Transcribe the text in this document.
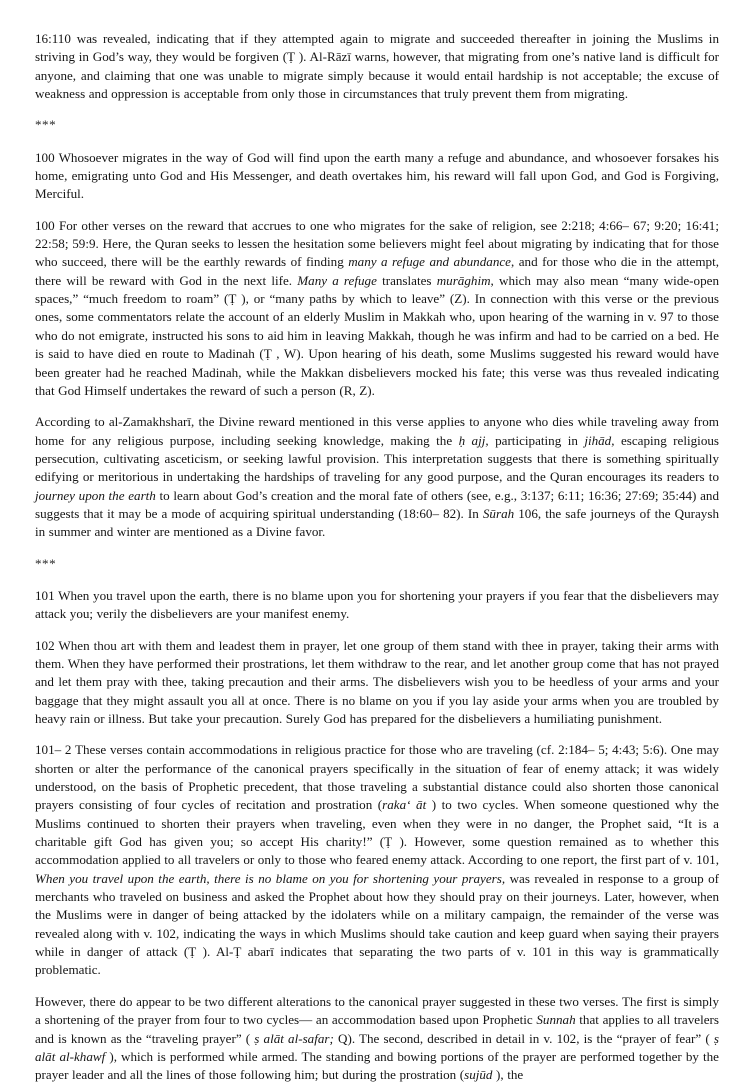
16:110 was revealed, indicating that if they attempted again to migrate and succeeded thereafter in joining the Muslims in striving in God’s way, they would be forgiven (Ṭ ). Al-Rāzī warns, however, that migrating from one’s native land is difficult for anyone, and claiming that one was unable to migrate simply because it would entail hardship is not acceptable; the excuse of weakness and oppression is acceptable from only those in circumstances that truly prevent them from migrating.

***

100 Whosoever migrates in the way of God will find upon the earth many a refuge and abundance, and whosoever forsakes his home, emigrating unto God and His Messenger, and death overtakes him, his reward will fall upon God, and God is Forgiving, Merciful.

100 For other verses on the reward that accrues to one who migrates for the sake of religion, see 2:218; 4:66– 67; 9:20; 16:41; 22:58; 59:9. Here, the Quran seeks to lessen the hesitation some believers might feel about migrating by indicating that for those who succeed, there will be the earthly rewards of finding many a refuge and abundance, and for those who die in the attempt, there will be reward with God in the next life. Many a refuge translates murāghim, which may also mean “many wide-open spaces,” “much freedom to roam” (Ṭ ), or “many paths by which to leave” (Z). In connection with this verse or the previous ones, some commentators relate the account of an elderly Muslim in Makkah who, upon hearing of the warning in v. 97 to those who do not emigrate, instructed his sons to aid him in leaving Makkah, though he was infirm and had to be carried on a bed. He is said to have died en route to Madinah (Ṭ , W). Upon hearing of his death, some Muslims suggested his reward would have been greater had he reached Madinah, while the Makkan disbelievers mocked his fate; this verse was thus revealed indicating that God Himself undertakes the reward of such a person (R, Z).

According to al-Zamakhsharī, the Divine reward mentioned in this verse applies to anyone who dies while traveling away from home for any religious purpose, including seeking knowledge, making the ḥ ajj, participating in jihād, escaping religious persecution, cultivating asceticism, or seeking lawful provision. This interpretation suggests that there is something spiritually edifying or meritorious in undertaking the hardships of traveling for any good purpose, and the Quran encourages its readers to journey upon the earth to learn about God’s creation and the moral fate of others (see, e.g., 3:137; 6:11; 16:36; 27:69; 35:44) and suggests that it may be a mode of acquiring spiritual understanding (18:60– 82). In Sūrah 106, the safe journeys of the Quraysh in summer and winter are mentioned as a Divine favor.

***

101 When you travel upon the earth, there is no blame upon you for shortening your prayers if you fear that the disbelievers may attack you; verily the disbelievers are your manifest enemy.

102 When thou art with them and leadest them in prayer, let one group of them stand with thee in prayer, taking their arms with them. When they have performed their prostrations, let them withdraw to the rear, and let another group come that has not prayed and let them pray with thee, taking precaution and their arms. The disbelievers wish you to be heedless of your arms and your baggage that they might assault you all at once. There is no blame on you if you lay aside your arms when you are troubled by heavy rain or illness. But take your precaution. Surely God has prepared for the disbelievers a humiliating punishment.

101– 2 These verses contain accommodations in religious practice for those who are traveling (cf. 2:184– 5; 4:43; 5:6). One may shorten or alter the performance of the canonical prayers specifically in the situation of fear of enemy attack; it was widely understood, on the basis of Prophetic precedent, that those traveling a substantial distance could also shorten those canonical prayers consisting of four cycles of recitation and prostration (rakaʻ āt ) to two cycles. When someone questioned why the Muslims continued to shorten their prayers when traveling, even when they were in no danger, the Prophet said, “It is a charitable gift God has given you; so accept His charity!” (Ṭ ). However, some question remained as to whether this accommodation applied to all travelers or only to those who feared enemy attack. According to one report, the first part of v. 101, When you travel upon the earth, there is no blame on you for shortening your prayers, was revealed in response to a group of merchants who traveled on business and asked the Prophet about how they should pray on their journeys. Later, however, when the Muslims were in danger of being attacked by the idolaters while on a military campaign, the remainder of the verse was revealed along with v. 102, indicating the ways in which Muslims should take caution and keep guard when saying their prayers while in danger of attack (Ṭ ). Al-Ṭ abarī indicates that separating the two parts of v. 101 in this way is grammatically problematic.

However, there do appear to be two different alterations to the canonical prayer suggested in these two verses. The first is simply a shortening of the prayer from four to two cycles— an accommodation based upon Prophetic Sunnah that applies to all travelers and is known as the “traveling prayer” ( ṣ alāt al-safar; Q). The second, described in detail in v. 102, is the “prayer of fear” ( ṣ alāt al-khawf ), which is performed while armed. The standing and bowing portions of the prayer are performed together by the prayer leader and all the lines of those following him; but during the prostration (sujūd ), the
